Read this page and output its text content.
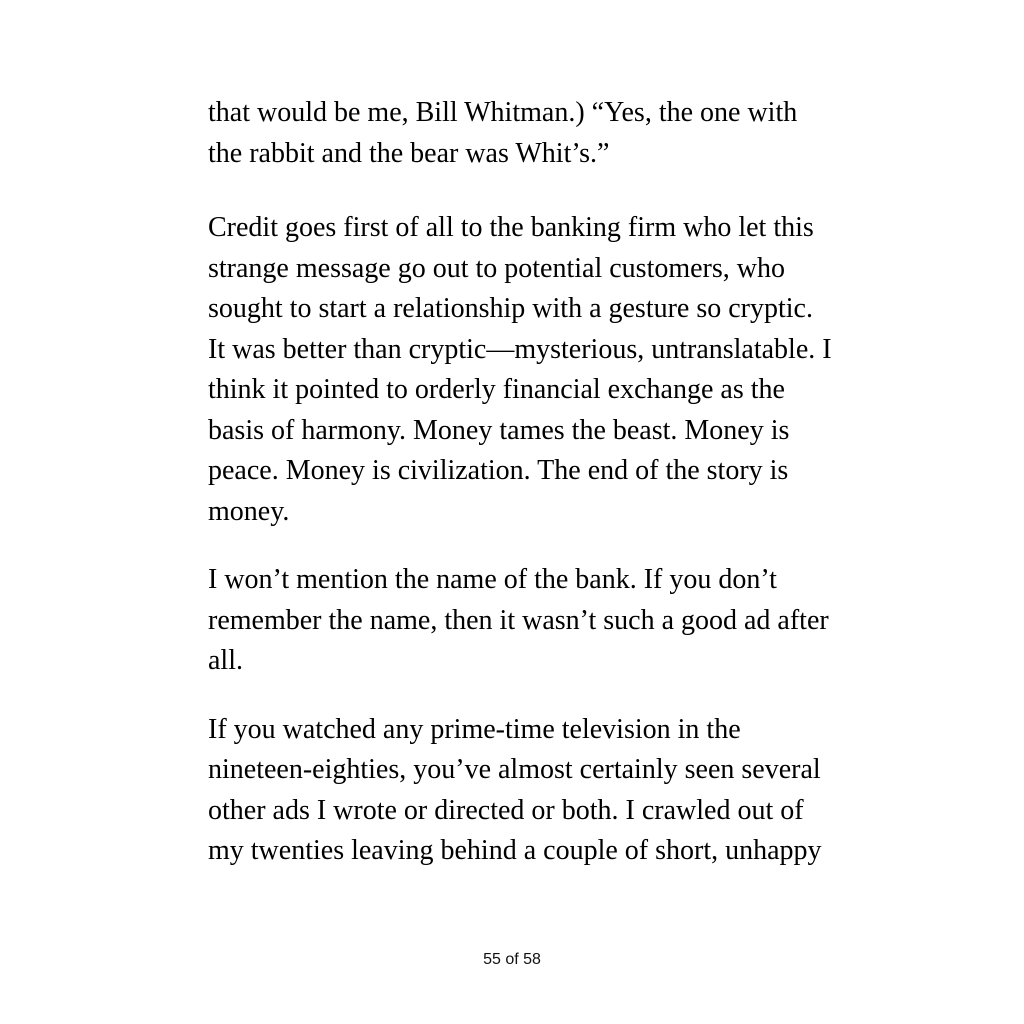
that would be me, Bill Whitman.) “Yes, the one with
the rabbit and the bear was Whit’s.”

Credit goes first of all to the banking firm who let this
strange message go out to potential customers, who
sought to start a relationship with a gesture so cryptic.
It was better than cryptic—mysterious, untranslatable. I
think it pointed to orderly financial exchange as the
basis of harmony. Money tames the beast. Money is
peace. Money is civilization. The end of the story is
money.

I won’t mention the name of the bank. If you don’t
remember the name, then it wasn’t such a good ad after
all.

If you watched any prime-time television in the
nineteen-eighties, you’ve almost certainly seen several
other ads I wrote or directed or both. I crawled out of
my twenties leaving behind a couple of short, unhappy

55 of 58
